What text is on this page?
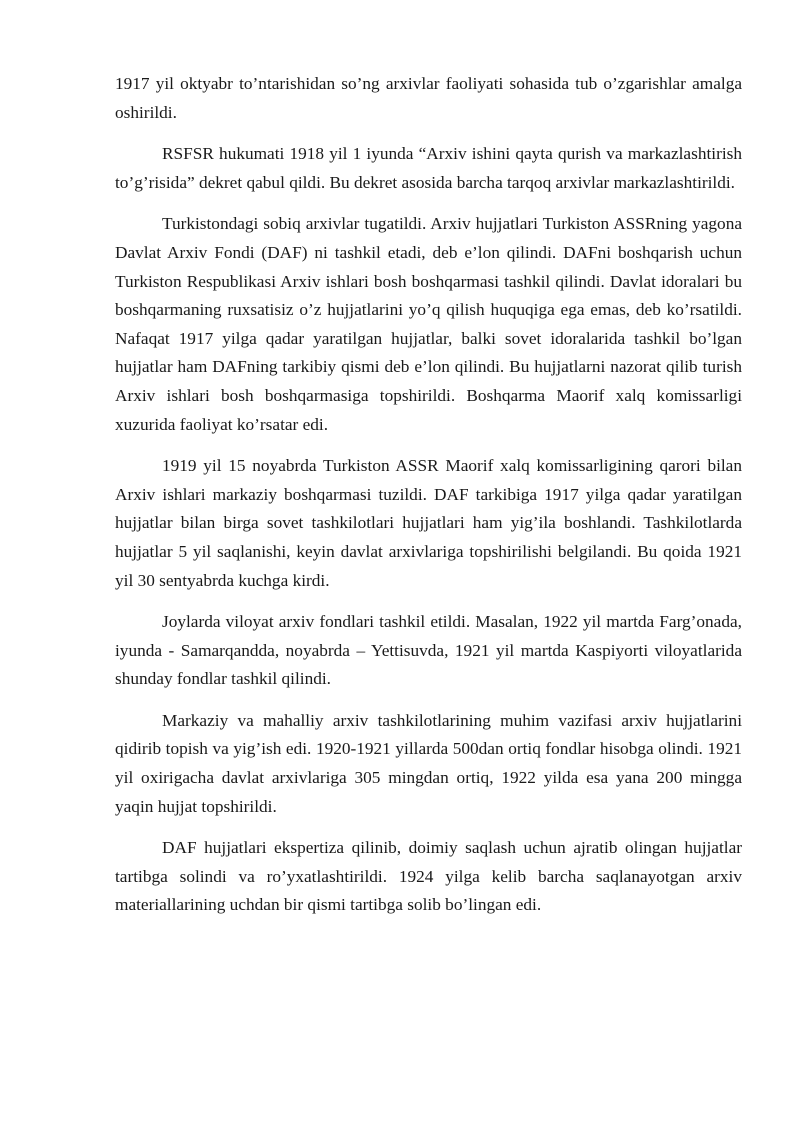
1917 yil oktyabr to’ntarishidan so’ng arxivlar faoliyati sohasida tub o’zgarishlar amalga oshirildi.

RSFSR hukumati 1918 yil 1 iyunda “Arxiv ishini qayta qurish va markazlashtirish to’g’risida” dekret qabul qildi. Bu dekret asosida barcha tarqoq arxivlar markazlashtirildi.

Turkistondagi sobiq arxivlar tugatildi. Arxiv hujjatlari Turkiston ASSRning yagona Davlat Arxiv Fondi (DAF) ni tashkil etadi, deb e’lon qilindi. DAFni boshqarish uchun Turkiston Respublikasi Arxiv ishlari bosh boshqarmasi tashkil qilindi. Davlat idoralari bu boshqarmaning ruxsatisiz o’z hujjatlarini yo’q qilish huquqiga ega emas, deb ko’rsatildi. Nafaqat 1917 yilga qadar yaratilgan hujjatlar, balki sovet idoralarida tashkil bo’lgan hujjatlar ham DAFning tarkibiy qismi deb e’lon qilindi. Bu hujjatlarni nazorat qilib turish Arxiv ishlari bosh boshqarmasiga topshirildi. Boshqarma Maorif xalq komissarligi xuzurida faoliyat ko’rsatar edi.

1919 yil 15 noyabrda Turkiston ASSR Maorif xalq komissarligining qarori bilan Arxiv ishlari markaziy boshqarmasi tuzildi. DAF tarkibiga 1917 yilga qadar yaratilgan hujjatlar bilan birga sovet tashkilotlari hujjatlari ham yig’ila boshlandi. Tashkilotlarda hujjatlar 5 yil saqlanishi, keyin davlat arxivlariga topshirilishi belgilandi. Bu qoida 1921 yil 30 sentyabrda kuchga kirdi.

Joylarda viloyat arxiv fondlari tashkil etildi. Masalan, 1922 yil martda Farg’onada, iyunda - Samarqandda, noyabrda – Yettisuvda, 1921 yil martda Kaspiyorti viloyatlarida shunday fondlar tashkil qilindi.

Markaziy va mahalliy arxiv tashkilotlarining muhim vazifasi arxiv hujjatlarini qidirib topish va yig’ish edi. 1920-1921 yillarda 500dan ortiq fondlar hisobga olindi. 1921 yil oxirigacha davlat arxivlariga 305 mingdan ortiq, 1922 yilda esa yana 200 mingga yaqin hujjat topshirildi.

DAF hujjatlari ekspertiza qilinib, doimiy saqlash uchun ajratib olingan hujjatlar tartibga solindi va ro’yxatlashtirildi. 1924 yilga kelib barcha saqlanayotgan arxiv materiallarining uchdan bir qismi tartibga solib bo’lingan edi.
